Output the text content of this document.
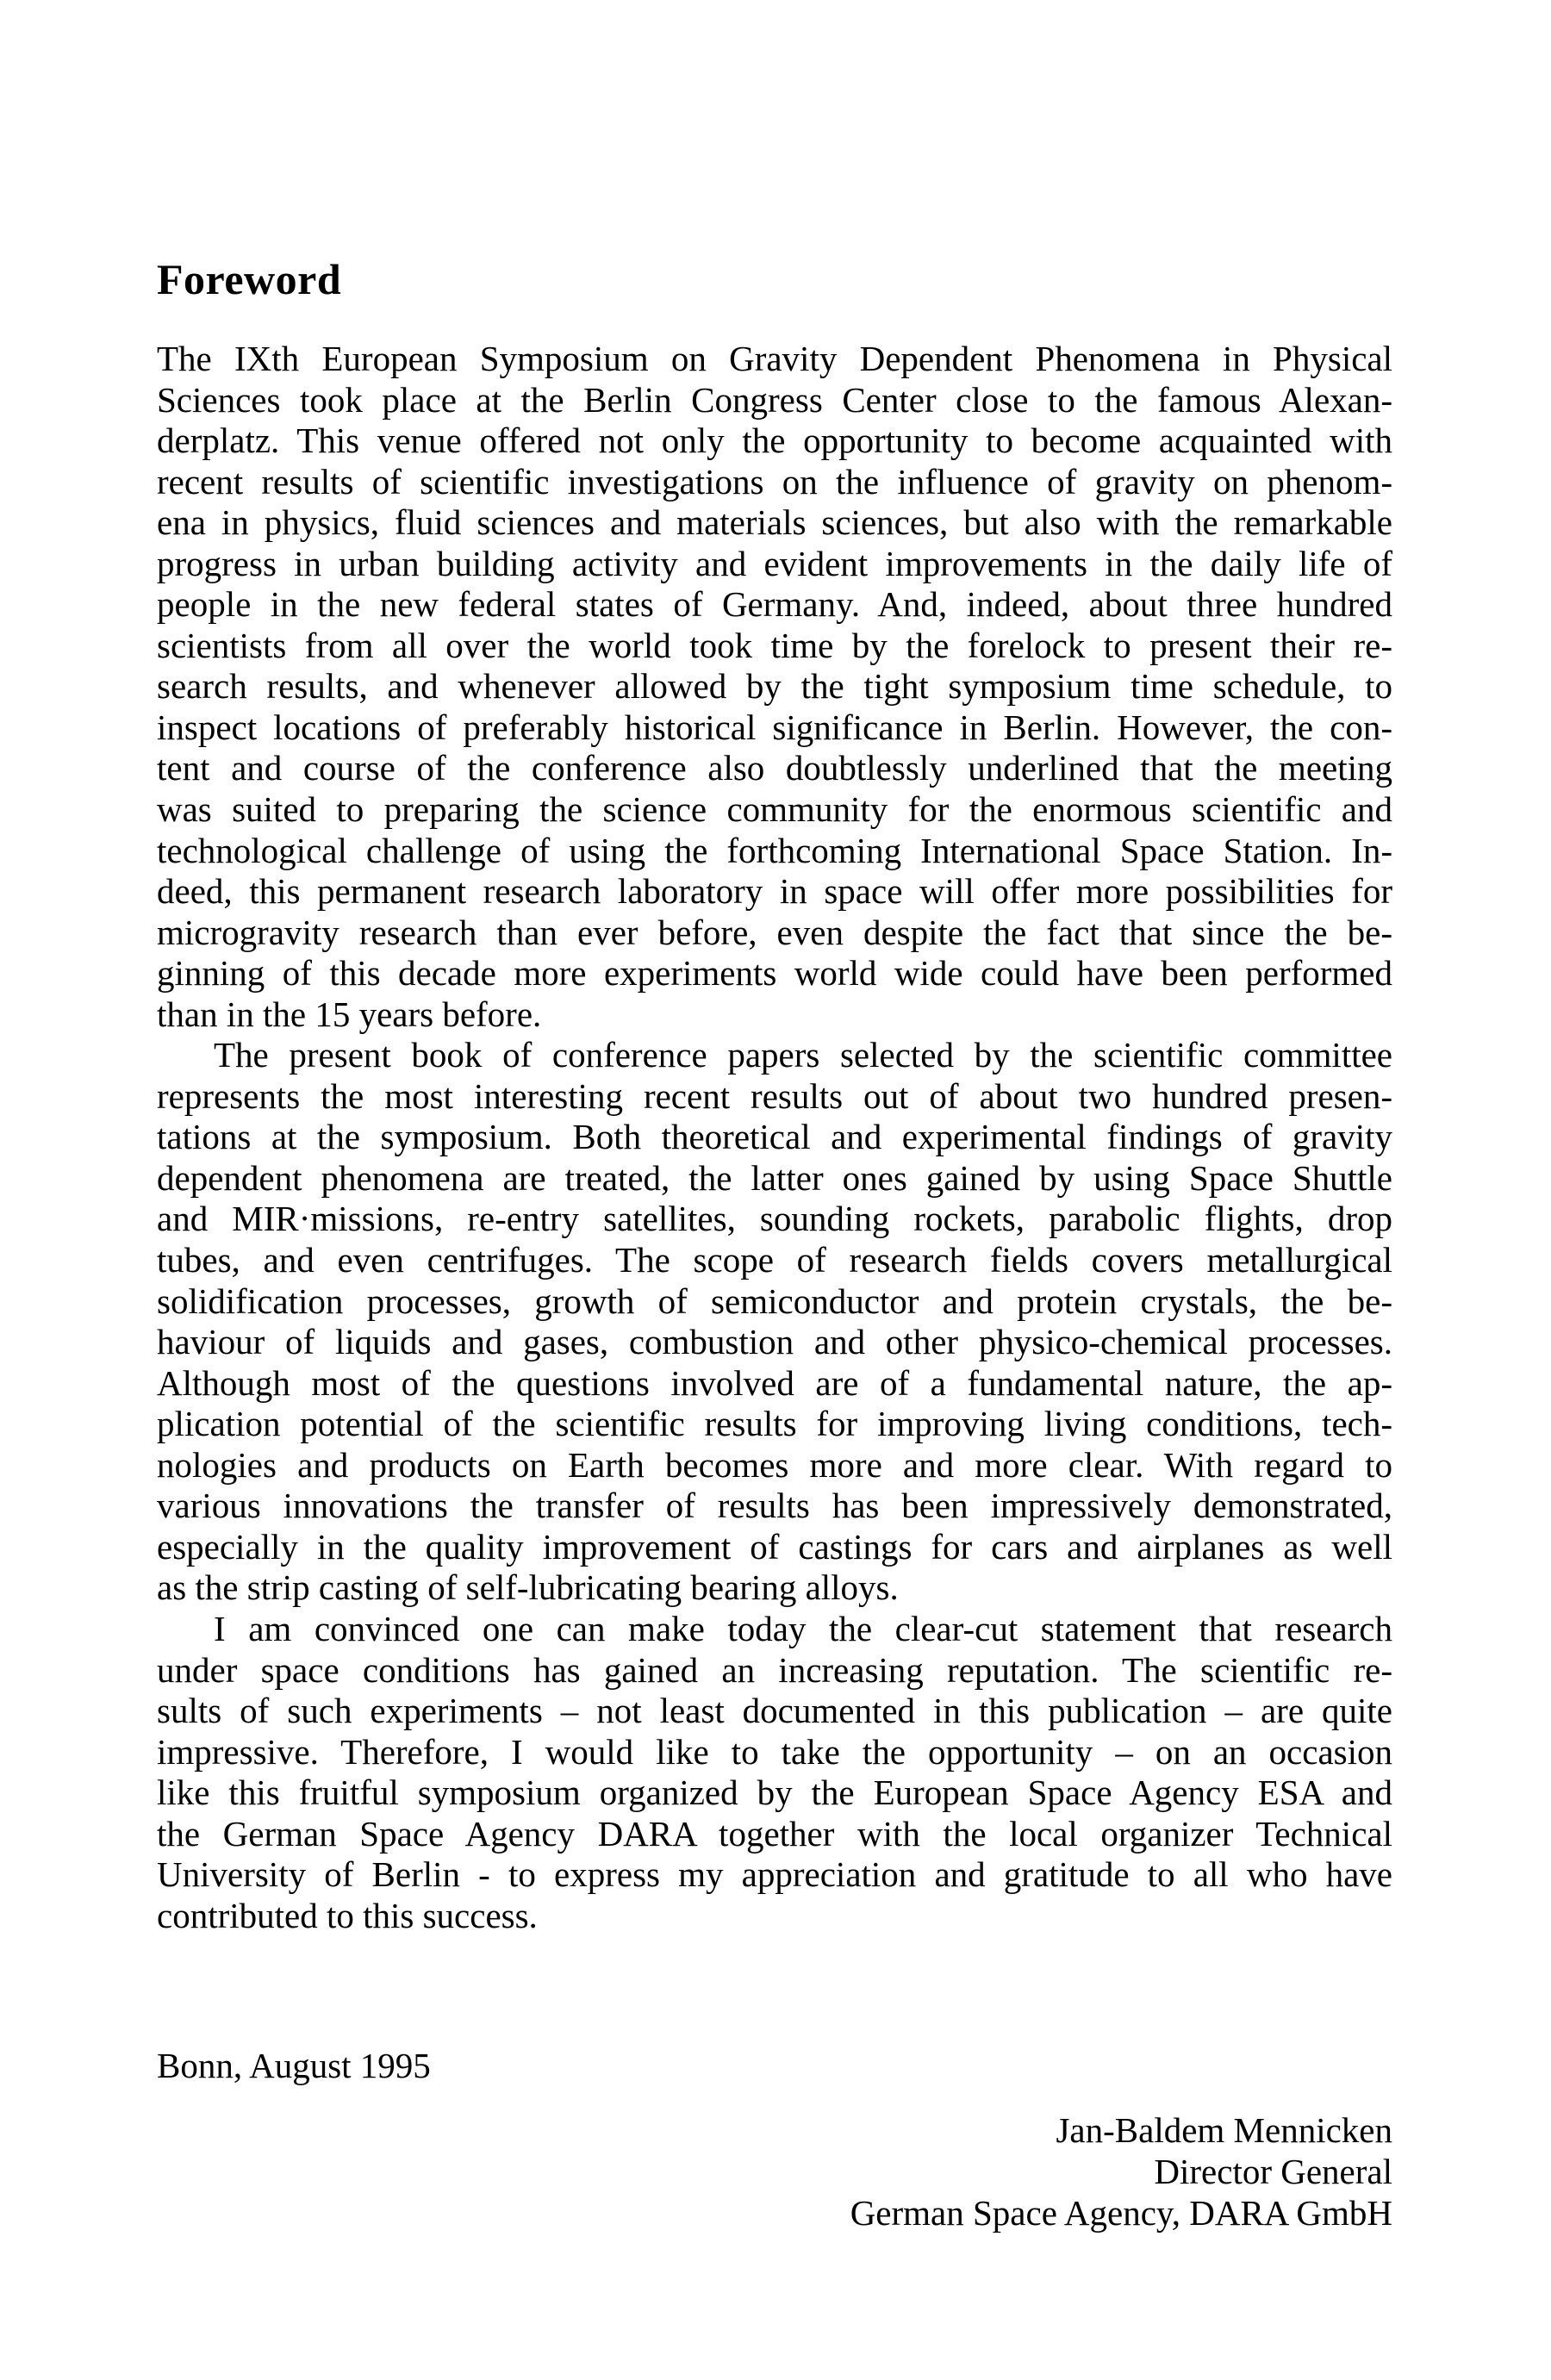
Foreword
The IXth European Symposium on Gravity Dependent Phenomena in Physical
Sciences took place at the Berlin Congress Center close to the famous Alexan-
derplatz. This venue offered not only the opportunity to become acquainted with
recent results of scientific investigations on the influence of gravity on phenom-
ena in physics, fluid sciences and materials sciences, but also with the remarkable
progress in urban building activity and evident improvements in the daily life of
people in the new federal states of Germany. And, indeed, about three hundred
scientists from all over the world took time by the forelock to present their re-
search results, and whenever allowed by the tight symposium time schedule, to
inspect locations of preferably historical significance in Berlin. However, the con-
tent and course of the conference also doubtlessly underlined that the meeting
was suited to preparing the science community for the enormous scientific and
technological challenge of using the forthcoming International Space Station. In-
deed, this permanent research laboratory in space will offer more possibilities for
microgravity research than ever before, even despite the fact that since the be-
ginning of this decade more experiments world wide could have been performed
than in the 15 years before.
The present book of conference papers selected by the scientific committee
represents the most interesting recent results out of about two hundred presen-
tations at the symposium. Both theoretical and experimental findings of gravity
dependent phenomena are treated, the latter ones gained by using Space Shuttle
and MIR·missions, re-entry satellites, sounding rockets, parabolic flights, drop
tubes, and even centrifuges. The scope of research fields covers metallurgical
solidification processes, growth of semiconductor and protein crystals, the be-
haviour of liquids and gases, combustion and other physico-chemical processes.
Although most of the questions involved are of a fundamental nature, the ap-
plication potential of the scientific results for improving living conditions, tech-
nologies and products on Earth becomes more and more clear. With regard to
various innovations the transfer of results has been impressively demonstrated,
especially in the quality improvement of castings for cars and airplanes as well
as the strip casting of self-lubricating bearing alloys.
I am convinced one can make today the clear-cut statement that research
under space conditions has gained an increasing reputation. The scientific re-
sults of such experiments – not least documented in this publication – are quite
impressive. Therefore, I would like to take the opportunity – on an occasion
like this fruitful symposium organized by the European Space Agency ESA and
the German Space Agency DARA together with the local organizer Technical
University of Berlin - to express my appreciation and gratitude to all who have
contributed to this success.
Bonn, August 1995
Jan-Baldem Mennicken
Director General
German Space Agency, DARA GmbH
